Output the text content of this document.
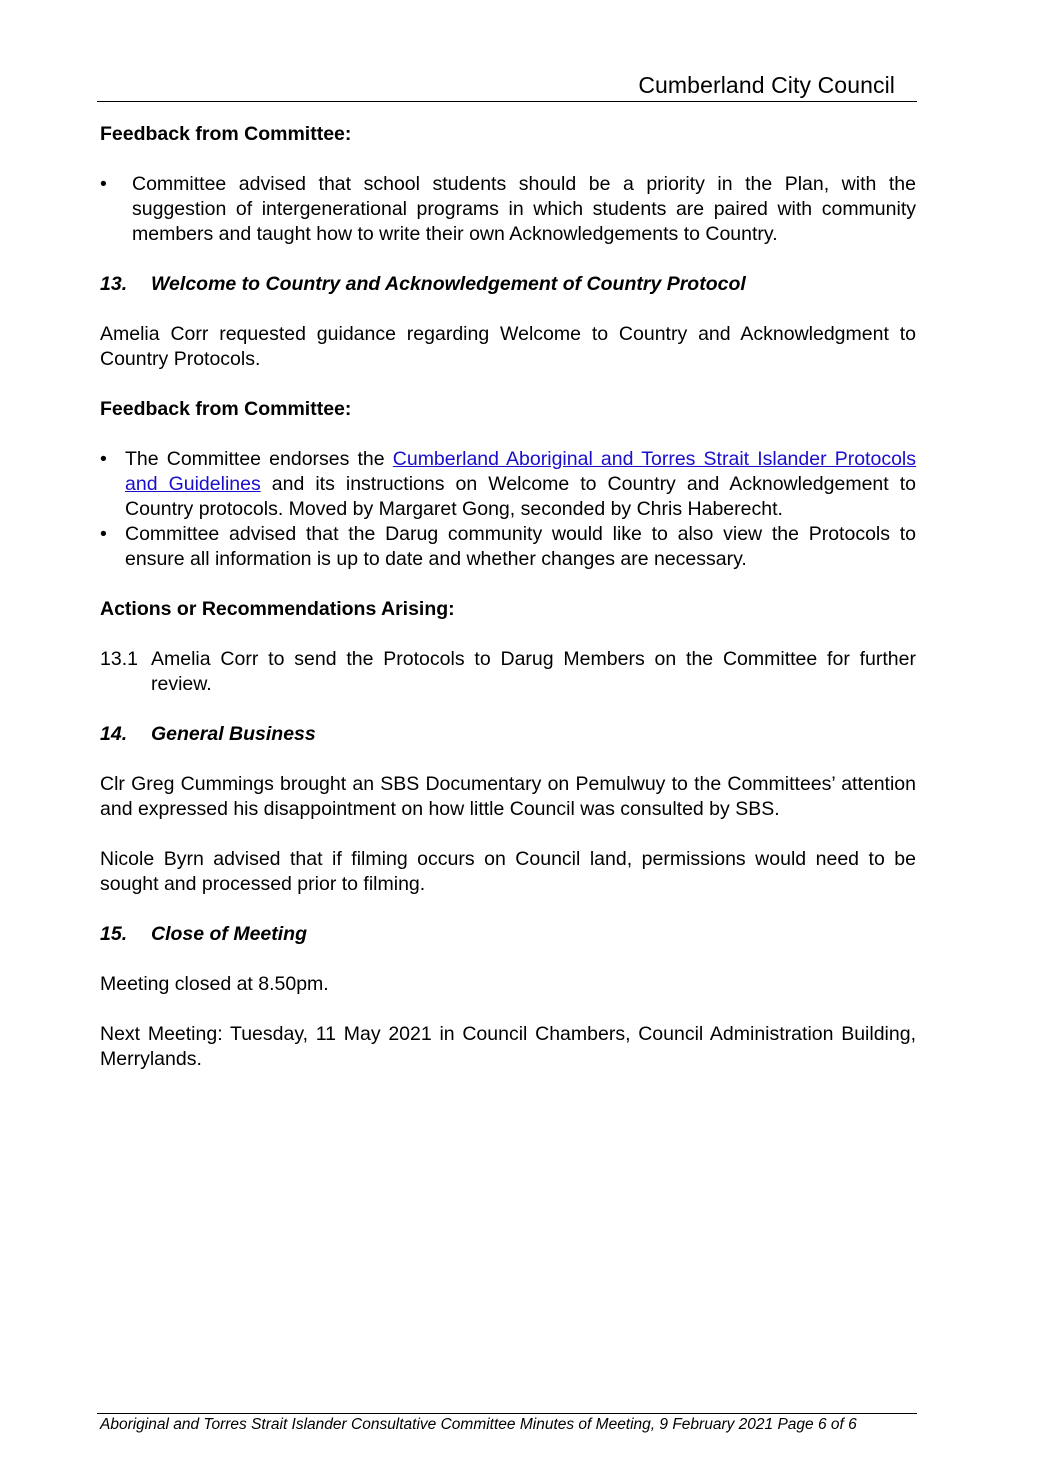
Cumberland City Council

Feedback from Committee:

• Committee advised that school students should be a priority in the Plan, with the suggestion of intergenerational programs in which students are paired with community members and taught how to write their own Acknowledgements to Country.
13.	Welcome to Country and Acknowledgement of Country Protocol

Amelia Corr requested guidance regarding Welcome to Country and Acknowledgment to Country Protocols.

Feedback from Committee:

• The Committee endorses the Cumberland Aboriginal and Torres Strait Islander Protocols and Guidelines and its instructions on Welcome to Country and Acknowledgement to Country protocols. Moved by Margaret Gong, seconded by Chris Haberecht.
• Committee advised that the Darug community would like to also view the Protocols to ensure all information is up to date and whether changes are necessary.

Actions or Recommendations Arising:

13.1 Amelia Corr to send the Protocols to Darug Members on the Committee for further review.
14.	General Business

Clr Greg Cummings brought an SBS Documentary on Pemulwuy to the Committees’ attention and expressed his disappointment on how little Council was consulted by SBS.

Nicole Byrn advised that if filming occurs on Council land, permissions would need to be sought and processed prior to filming.

15.	Close of Meeting

Meeting closed at 8.50pm.

Next Meeting: Tuesday, 11 May 2021 in Council Chambers, Council Administration Building, Merrylands.

Aboriginal and Torres Strait Islander Consultative Committee Minutes of Meeting, 9 February 2021 Page 6 of 6
